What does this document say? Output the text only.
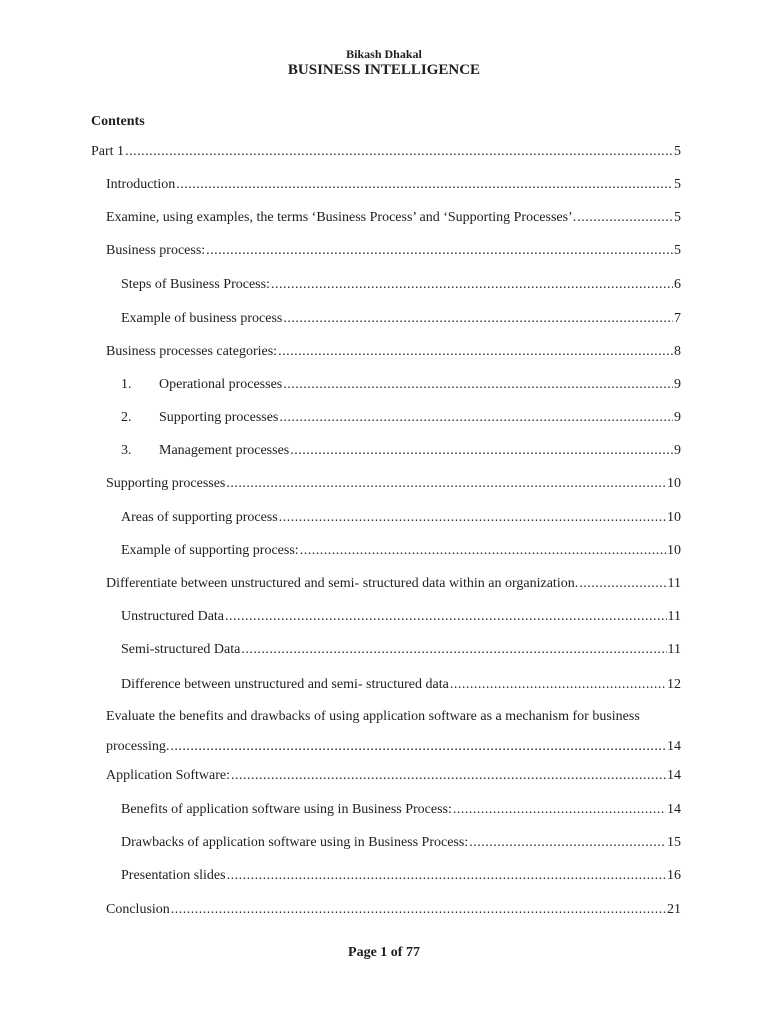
Bikash Dhakal
BUSINESS INTELLIGENCE
Contents
Part 1 .....	5
Introduction .....	5
Examine, using examples, the terms ‘Business Process’ and ‘Supporting Processes’. .....	5
Business process: .....	5
Steps of Business Process: .....	6
Example of business process .....	7
Business processes categories: .....	8
1.	Operational processes .....	9
2.	Supporting processes .....	9
3.	Management processes .....	9
Supporting processes .....	10
Areas of supporting process .....	10
Example of supporting process: .....	10
Differentiate between unstructured and semi- structured data within an organization. .....	11
Unstructured Data .....	11
Semi-structured Data .....	11
Difference between unstructured and semi- structured data .....	12
Evaluate the benefits and drawbacks of using application software as a mechanism for business
processing. .....	14
Application Software: .....	14
Benefits of application software using in Business Process: .....	14
Drawbacks of application software using in Business Process: .....	15
Presentation slides .....	16
Conclusion .....	21
Page 1 of 77
